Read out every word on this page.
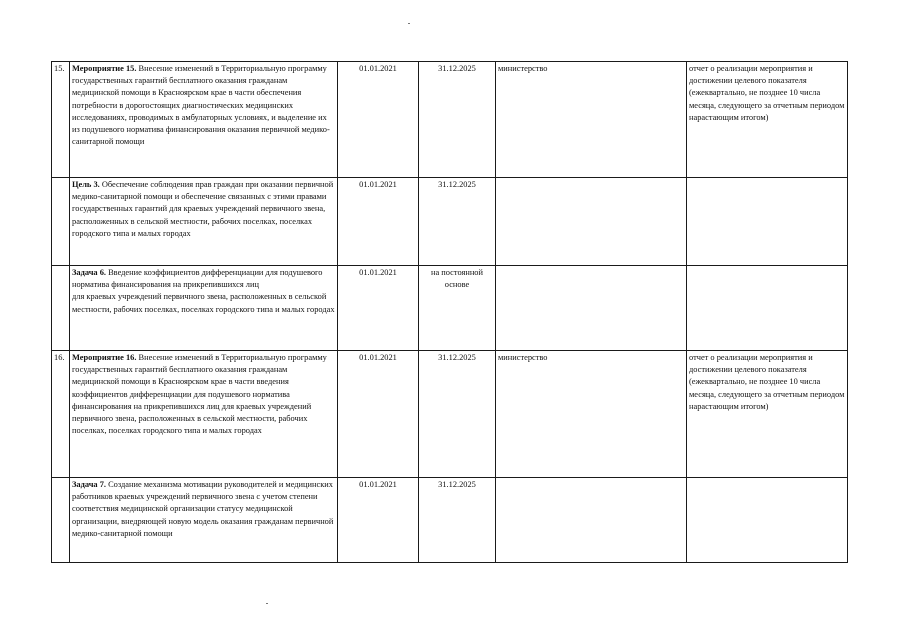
15.	Мероприятие 15. Внесение изменений в Территориальную программу государственных гарантий бесплатного оказания гражданам медицинской помощи в Красноярском крае в части обеспечения потребности в дорогостоящих диагностических медицинских исследованиях, проводимых в амбулаторных условиях, и выделение их из подушевого норматива финансирования оказания первичной медико-санитарной помощи	01.01.2021	31.12.2025	министерство	отчет о реализации мероприятия и достижении целевого показателя (ежеквартально, не позднее 10 числа месяца, следующего за отчетным периодом нарастающим итогом)
	Цель 3. Обеспечение соблюдения прав граждан при оказании первичной медико-санитарной помощи и обеспечение связанных с этими правами государственных гарантий для краевых учреждений первичного звена, расположенных в сельской местности, рабочих поселках, поселках городского типа и малых городах	01.01.2021	31.12.2025		
	Задача 6. Введение коэффициентов дифференциации для подушевого норматива финансирования на прикрепившихся лиц
для краевых учреждений первичного звена, расположенных в сельской местности, рабочих поселках, поселках городского типа и малых городах	01.01.2021	на постоянной основе		
16.	Мероприятие 16. Внесение изменений в Территориальную программу государственных гарантий бесплатного оказания гражданам медицинской помощи в Красноярском крае в части введения коэффициентов дифференциации для подушевого норматива финансирования на прикрепившихся лиц для краевых учреждений первичного звена, расположенных в сельской местности, рабочих поселках, поселках городского типа и малых городах	01.01.2021	31.12.2025	министерство	отчет о реализации мероприятия и достижении целевого показателя (ежеквартально, не позднее 10 числа месяца, следующего за отчетным периодом нарастающим итогом)
	Задача 7. Создание механизма мотивации руководителей и медицинских работников краевых учреждений первичного звена с учетом степени соответствия медицинской организации статусу медицинской организации, внедряющей новую модель оказания гражданам первичной медико-санитарной помощи	01.01.2021	31.12.2025		
